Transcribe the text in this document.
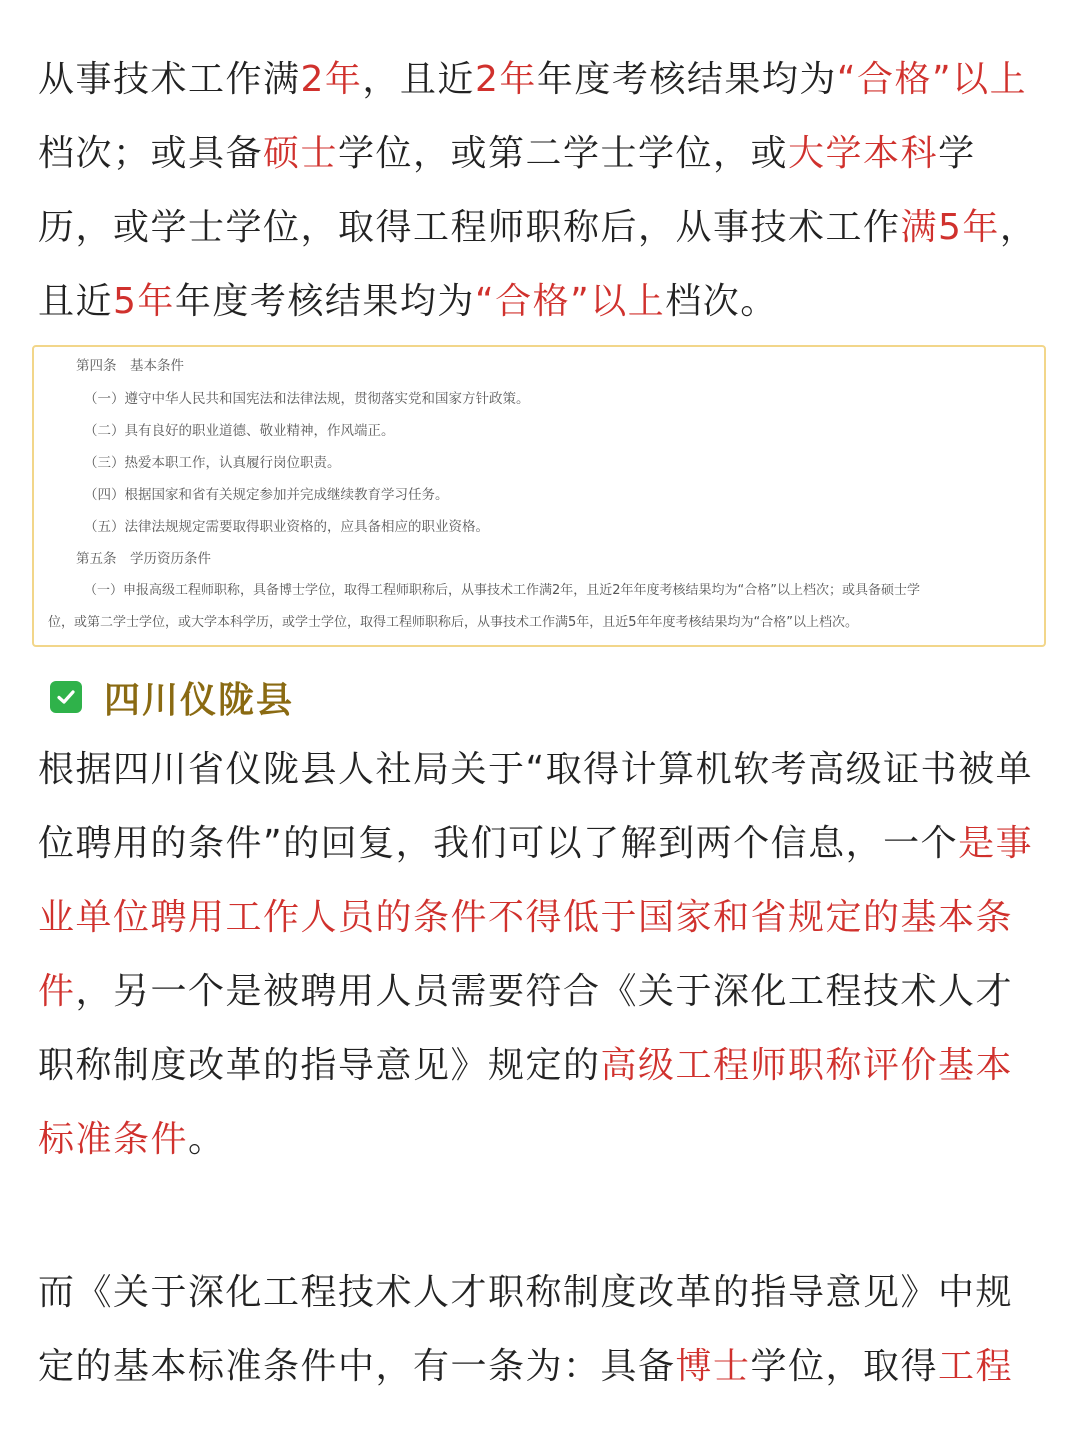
从事技术工作满2年，且近2年年度考核结果均为“合格”以上档次；或具备硕士学位，或第二学士学位，或大学本科学历，或学士学位，取得工程师职称后，从事技术工作满5年，且近5年年度考核结果均为“合格”以上档次。

第四条　基本条件

（一）遵守中华人民共和国宪法和法律法规，贯彻落实党和国家方针政策。

（二）具有良好的职业道德、敬业精神，作风端正。

（三）热爱本职工作，认真履行岗位职责。

（四）根据国家和省有关规定参加并完成继续教育学习任务。

（五）法律法规规定需要取得职业资格的，应具备相应的职业资格。

第五条　学历资历条件

（一）申报高级工程师职称，具备博士学位，取得工程师职称后，从事技术工作满2年，且近2年年度考核结果均为“合格”以上档次；或具备硕士学

位，或第二学士学位，或大学本科学历，或学士学位，取得工程师职称后，从事技术工作满5年，且近5年年度考核结果均为“合格”以上档次。

四川仪陇县

根据四川省仪陇县人社局关于“取得计算机软考高级证书被单位聘用的条件”的回复，我们可以了解到两个信息，一个是事业单位聘用工作人员的条件不得低于国家和省规定的基本条件，另一个是被聘用人员需要符合《关于深化工程技术人才职称制度改革的指导意见》规定的高级工程师职称评价基本标准条件。

而《关于深化工程技术人才职称制度改革的指导意见》中规定的基本标准条件中，有一条为：具备博士学位，取得工程
